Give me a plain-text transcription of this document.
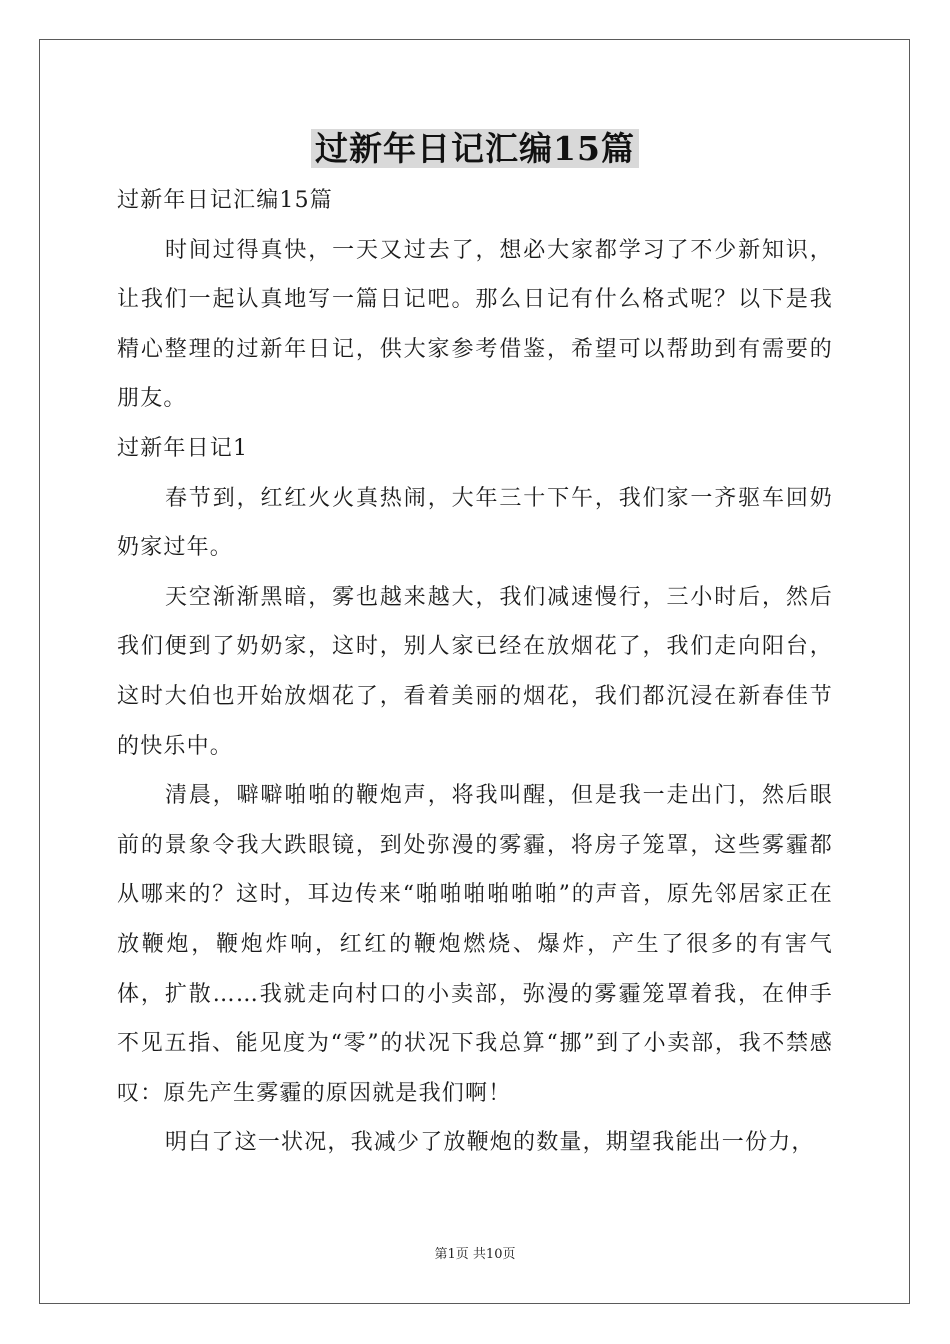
过新年日记汇编15篇

过新年日记汇编15篇

时间过得真快，一天又过去了，想必大家都学习了不少新知识，让我们一起认真地写一篇日记吧。那么日记有什么格式呢？以下是我精心整理的过新年日记，供大家参考借鉴，希望可以帮助到有需要的朋友。

过新年日记1

春节到，红红火火真热闹，大年三十下午，我们家一齐驱车回奶奶家过年。

天空渐渐黑暗，雾也越来越大，我们减速慢行，三小时后，然后我们便到了奶奶家，这时，别人家已经在放烟花了，我们走向阳台，这时大伯也开始放烟花了，看着美丽的烟花，我们都沉浸在新春佳节的快乐中。

清晨，噼噼啪啪的鞭炮声，将我叫醒，但是我一走出门，然后眼前的景象令我大跌眼镜，到处弥漫的雾霾，将房子笼罩，这些雾霾都从哪来的？这时，耳边传来“啪啪啪啪啪啪”的声音，原先邻居家正在放鞭炮，鞭炮炸响，红红的鞭炮燃烧、爆炸，产生了很多的有害气体，扩散……我就走向村口的小卖部，弥漫的雾霾笼罩着我，在伸手不见五指、能见度为“零”的状况下我总算“挪”到了小卖部，我不禁感叹：原先产生雾霾的原因就是我们啊！

明白了这一状况，我减少了放鞭炮的数量，期望我能出一份力，

第1页 共10页
